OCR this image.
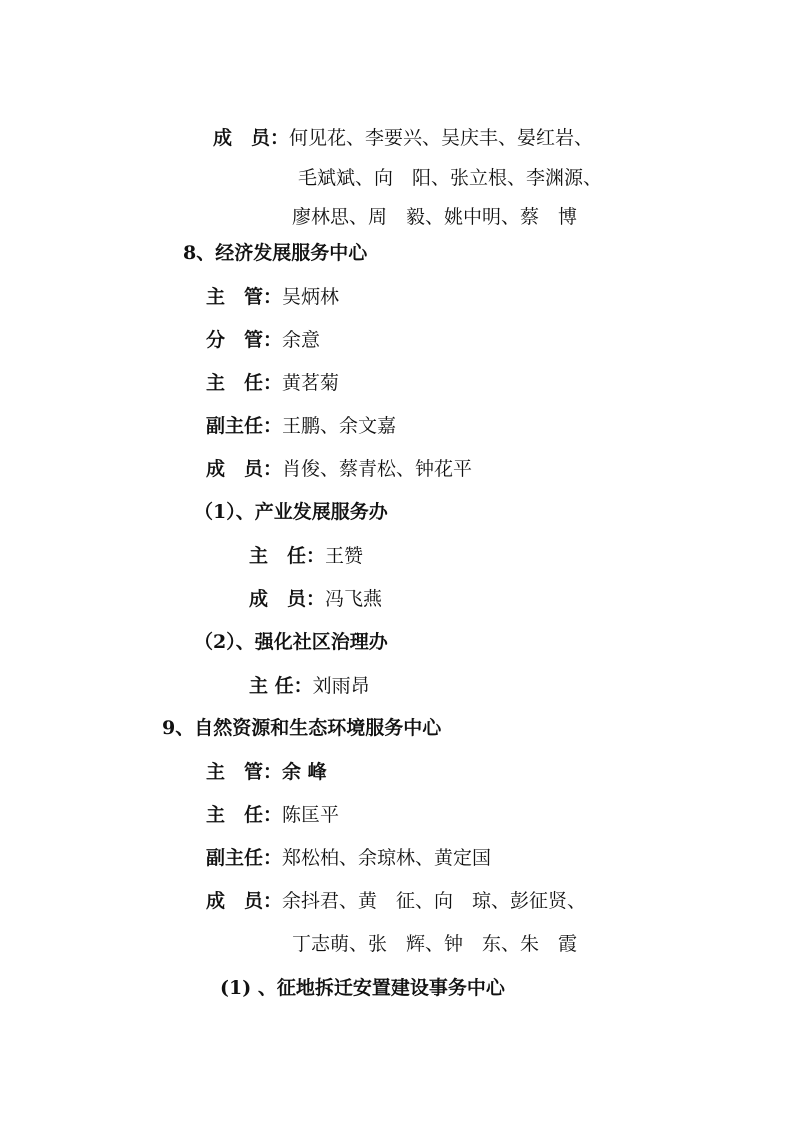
成　员：何见花、李要兴、吴庆丰、晏红岩、
毛斌斌、向　阳、张立根、李渊源、
廖林思、周　毅、姚中明、蔡　博
8、经济发展服务中心
主　管：吴炳林
分　管：余意
主　任：黄茗菊
副主任：王鹏、余文嘉
成　员：肖俊、蔡青松、钟花平
（1）、产业发展服务办
主　任：王赞
成　员：冯飞燕
（2）、强化社区治理办
主 任：刘雨昂
9、自然资源和生态环境服务中心
主　管：余 峰
主　任：陈匡平
副主任：郑松柏、余琼林、黄定国
成　员：余抖君、黄　征、向　琼、彭征贤、
丁志萌、张　辉、钟　东、朱　霞
(1) 、征地拆迁安置建设事务中心
